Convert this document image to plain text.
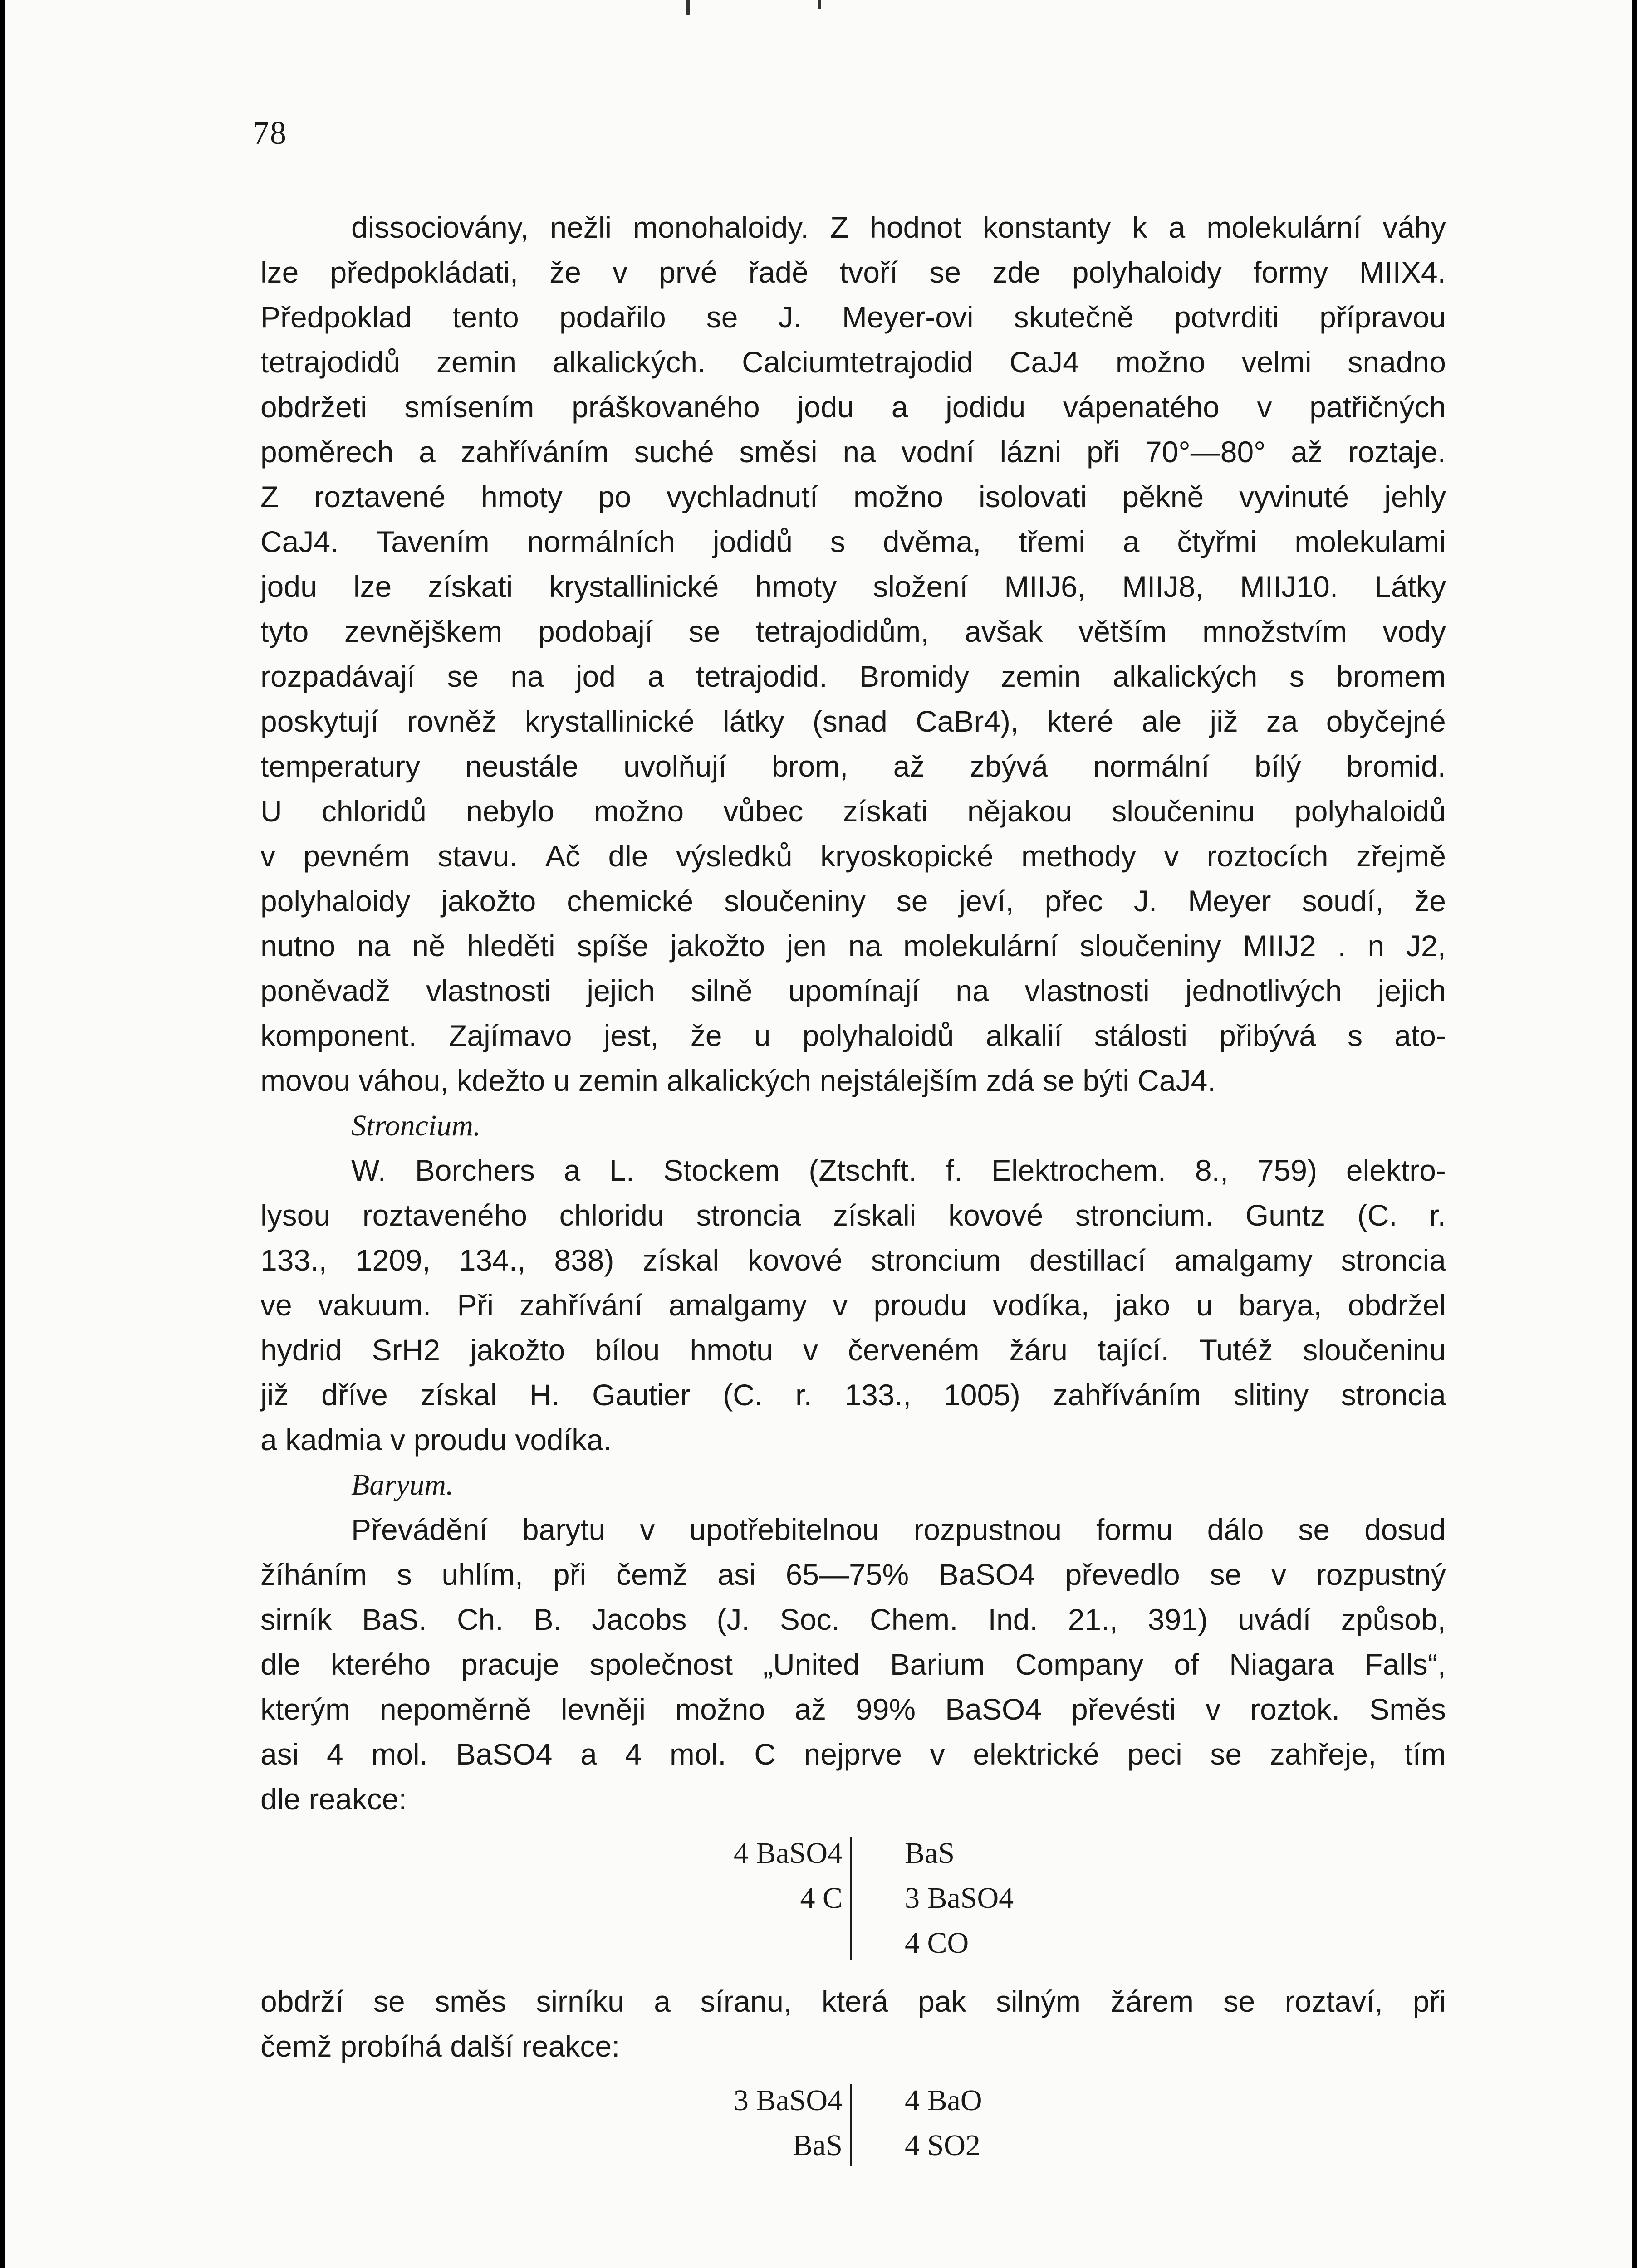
78
dissociovány, nežli monohaloidy. Z hodnot konstanty k a molekulární váhy
lze předpokládati, že v prvé řadě tvoří se zde polyhaloidy formy MIIX4.
Předpoklad tento podařilo se J. Meyer-ovi skutečně potvrditi přípravou
tetrajodidů zemin alkalických. Calciumtetrajodid CaJ4 možno velmi snadno
obdržeti smísením práškovaného jodu a jodidu vápenatého v patřičných
poměrech a zahříváním suché směsi na vodní lázni při 70°—80° až roztaje.
Z roztavené hmoty po vychladnutí možno isolovati pěkně vyvinuté jehly
CaJ4. Tavením normálních jodidů s dvěma, třemi a čtyřmi molekulami
jodu lze získati krystallinické hmoty složení MIIJ6, MIIJ8, MIIJ10. Látky
tyto zevnějškem podobají se tetrajodidům, avšak větším množstvím vody
rozpadávají se na jod a tetrajodid. Bromidy zemin alkalických s bromem
poskytují rovněž krystallinické látky (snad CaBr4), které ale již za obyčejné
temperatury neustále uvolňují brom, až zbývá normální bílý bromid.
U chloridů nebylo možno vůbec získati nějakou sloučeninu polyhaloidů
v pevném stavu. Ač dle výsledků kryoskopické methody v roztocích zřejmě
polyhaloidy jakožto chemické sloučeniny se jeví, přec J. Meyer soudí, že
nutno na ně hleděti spíše jakožto jen na molekulární sloučeniny MIIJ2 . n J2,
poněvadž vlastnosti jejich silně upomínají na vlastnosti jednotlivých jejich
komponent. Zajímavo jest, že u polyhaloidů alkalií stálosti přibývá s ato-
movou váhou, kdežto u zemin alkalických nejstálejším zdá se býti CaJ4.
Stroncium.
W. Borchers a L. Stockem (Ztschft. f. Elektrochem. 8., 759) elektro-
lysou roztaveného chloridu stroncia získali kovové stroncium. Guntz (C. r.
133., 1209, 134., 838) získal kovové stroncium destillací amalgamy stroncia
ve vakuum. Při zahřívání amalgamy v proudu vodíka, jako u barya, obdržel
hydrid SrH2 jakožto bílou hmotu v červeném žáru tající. Tutéž sloučeninu
již dříve získal H. Gautier (C. r. 133., 1005) zahříváním slitiny stroncia
a kadmia v proudu vodíka.
Baryum.
Převádění barytu v upotřebitelnou rozpustnou formu dálo se dosud
žíháním s uhlím, při čemž asi 65—75% BaSO4 převedlo se v rozpustný
sirník BaS. Ch. B. Jacobs (J. Soc. Chem. Ind. 21., 391) uvádí způsob,
dle kterého pracuje společnost „United Barium Company of Niagara Falls“,
kterým nepoměrně levněji možno až 99% BaSO4 převésti v roztok. Směs
asi 4 mol. BaSO4 a 4 mol. C nejprve v elektrické peci se zahřeje, tím
dle reakce:
4 BaSO4
4 C
BaS
3 BaSO4
4 CO
obdrží se směs sirníku a síranu, která pak silným žárem se roztaví, při
čemž probíhá další reakce:
3 BaSO4
BaS
4 BaO
4 SO2
